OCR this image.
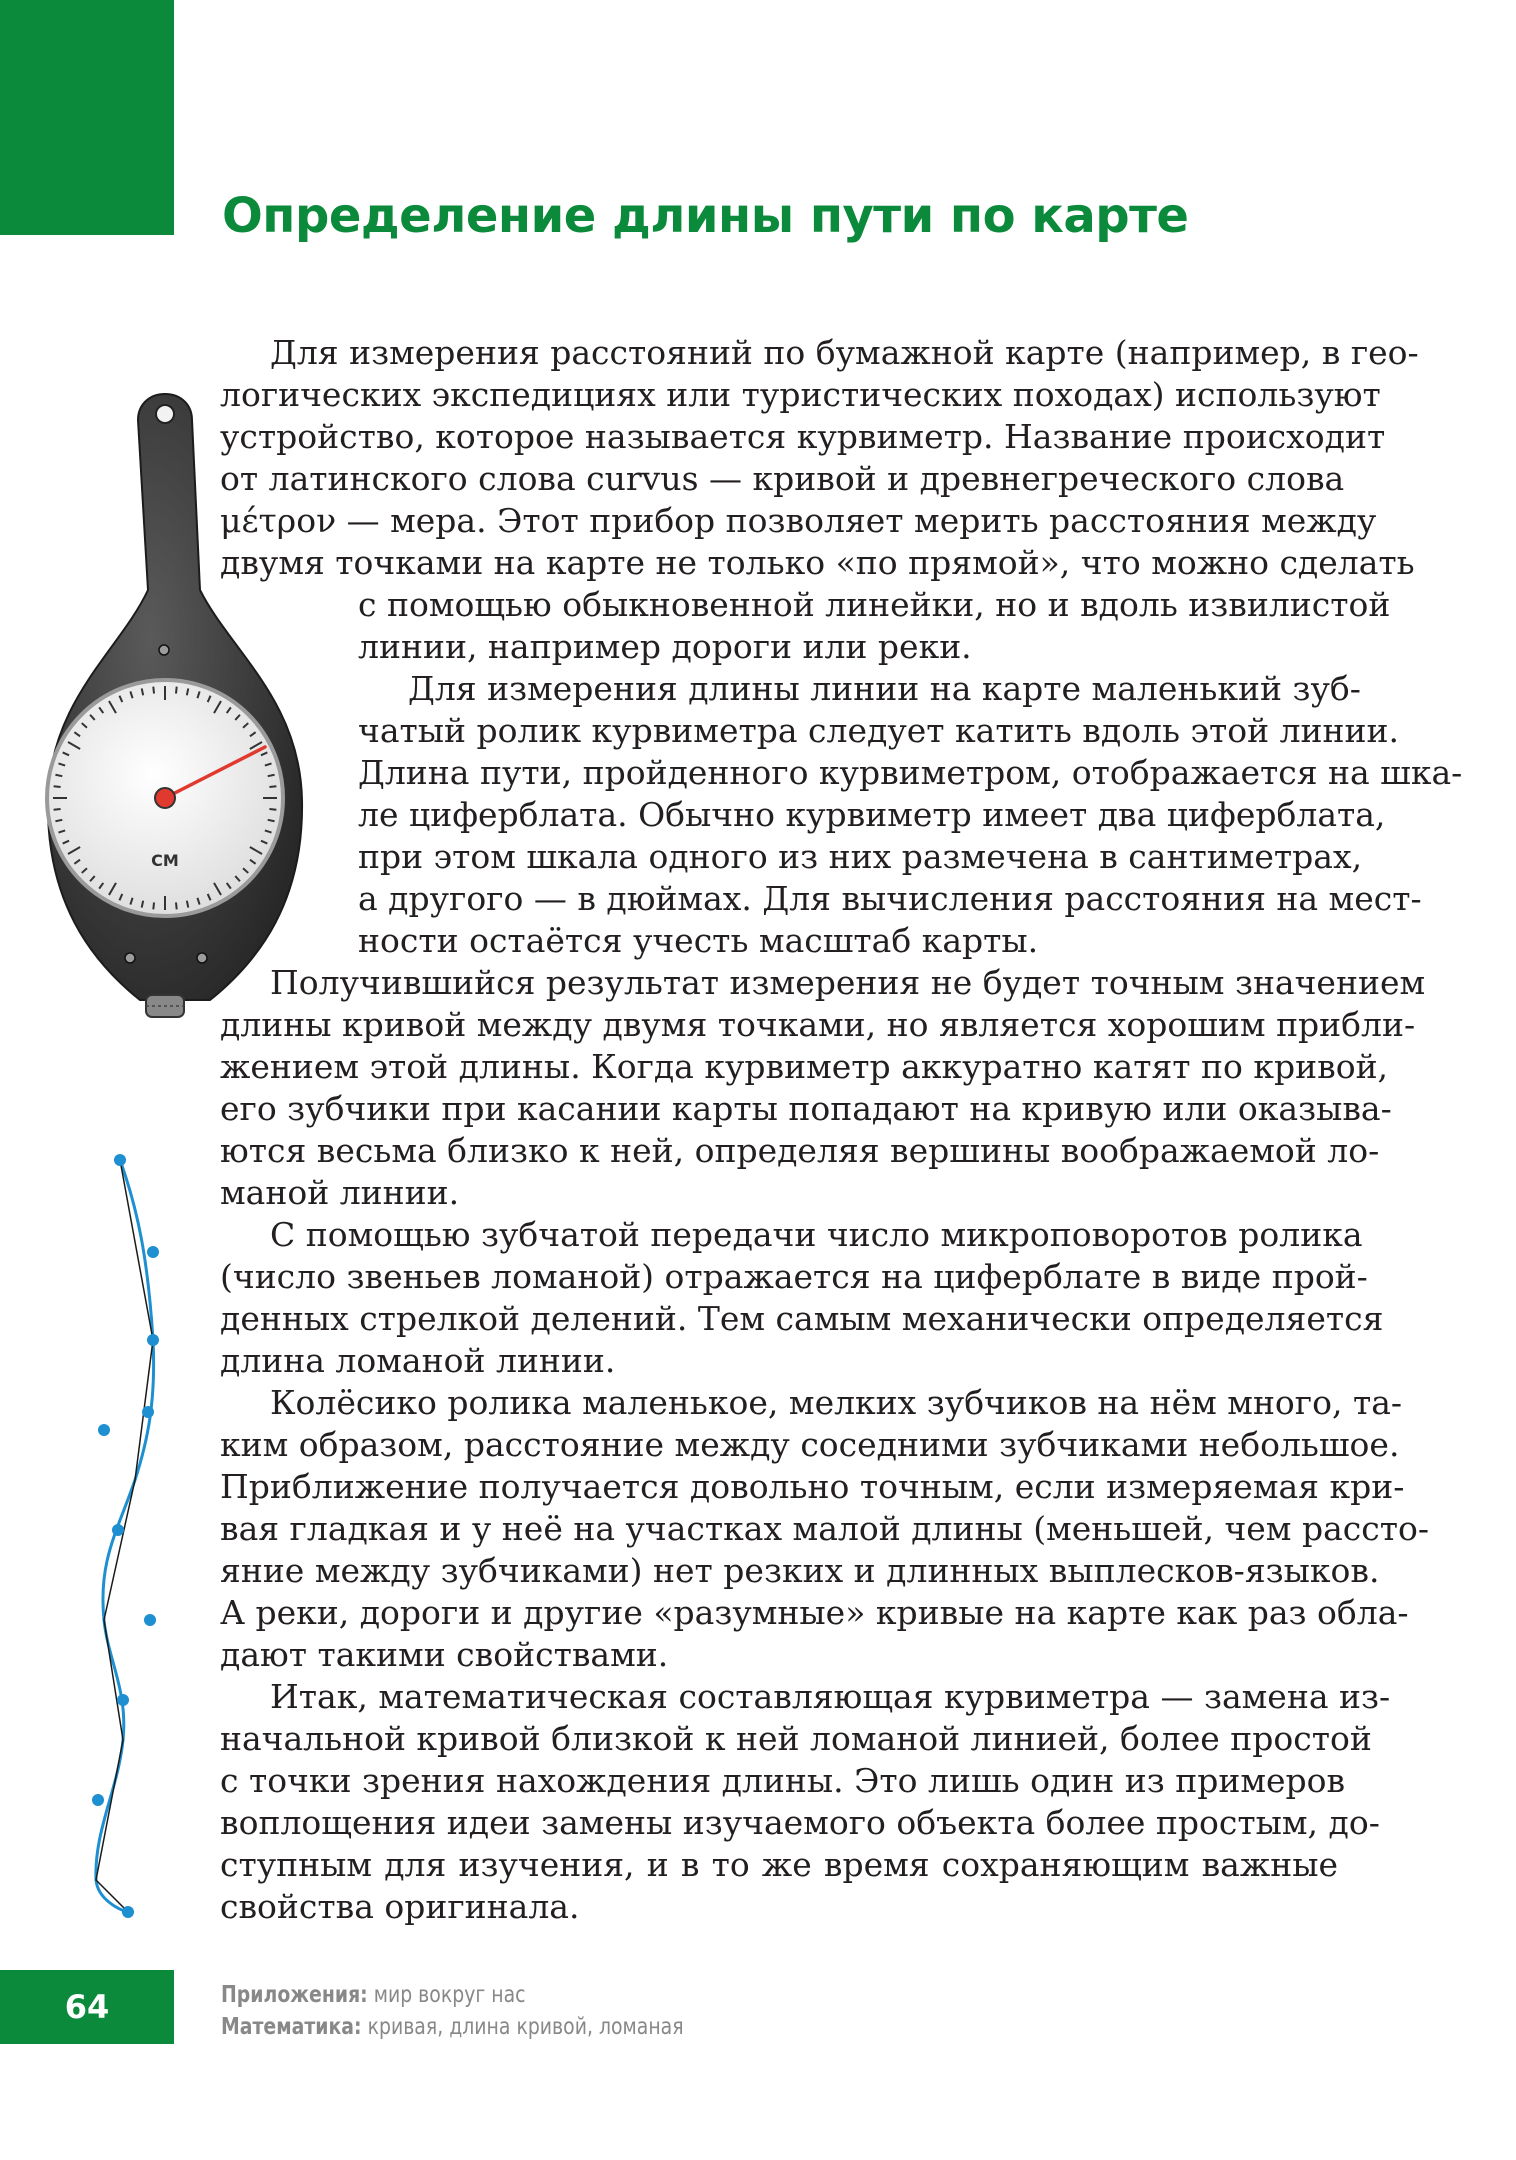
Определение длины пути по карте
СМ
Для измерения расстояний по бумажной карте (например, в гео-
логических экспедициях или туристических походах) используют
устройство, которое называется курвиметр. Название происходит
от латинского слова curvus — кривой и древнегреческого слова
μέτρον — мера. Этот прибор позволяет мерить расстояния между
двумя точками на карте не только «по прямой», что можно сделать
с помощью обыкновенной линейки, но и вдоль извилистой
линии, например дороги или реки.
Для измерения длины линии на карте маленький зуб-
чатый ролик курвиметра следует катить вдоль этой линии.
Длина пути, пройденного курвиметром, отображается на шка-
ле циферблата. Обычно курвиметр имеет два циферблата,
при этом шкала одного из них размечена в сантиметрах,
а другого — в дюймах. Для вычисления расстояния на мест-
ности остаётся учесть масштаб карты.
Получившийся результат измерения не будет точным значением
длины кривой между двумя точками, но является хорошим прибли-
жением этой длины. Когда курвиметр аккуратно катят по кривой,
его зубчики при касании карты попадают на кривую или оказыва-
ются весьма близко к ней, определяя вершины воображаемой ло-
маной линии.
С помощью зубчатой передачи число микроповоротов ролика
(число звеньев ломаной) отражается на циферблате в виде прой-
денных стрелкой делений. Тем самым механически определяется
длина ломаной линии.
Колёсико ролика маленькое, мелких зубчиков на нём много, та-
ким образом, расстояние между соседними зубчиками небольшое.
Приближение получается довольно точным, если измеряемая кри-
вая гладкая и у неё на участках малой длины (меньшей, чем рассто-
яние между зубчиками) нет резких и длинных выплесков-языков.
А реки, дороги и другие «разумные» кривые на карте как раз обла-
дают такими свойствами.
Итак, математическая составляющая курвиметра — замена из-
начальной кривой близкой к ней ломаной линией, более простой
с точки зрения нахождения длины. Это лишь один из примеров
воплощения идеи замены изучаемого объекта более простым, до-
ступным для изучения, и в то же время сохраняющим важные
свойства оригинала.
64	Приложения: мир вокруг нас
Математика: кривая, длина кривой, ломаная
